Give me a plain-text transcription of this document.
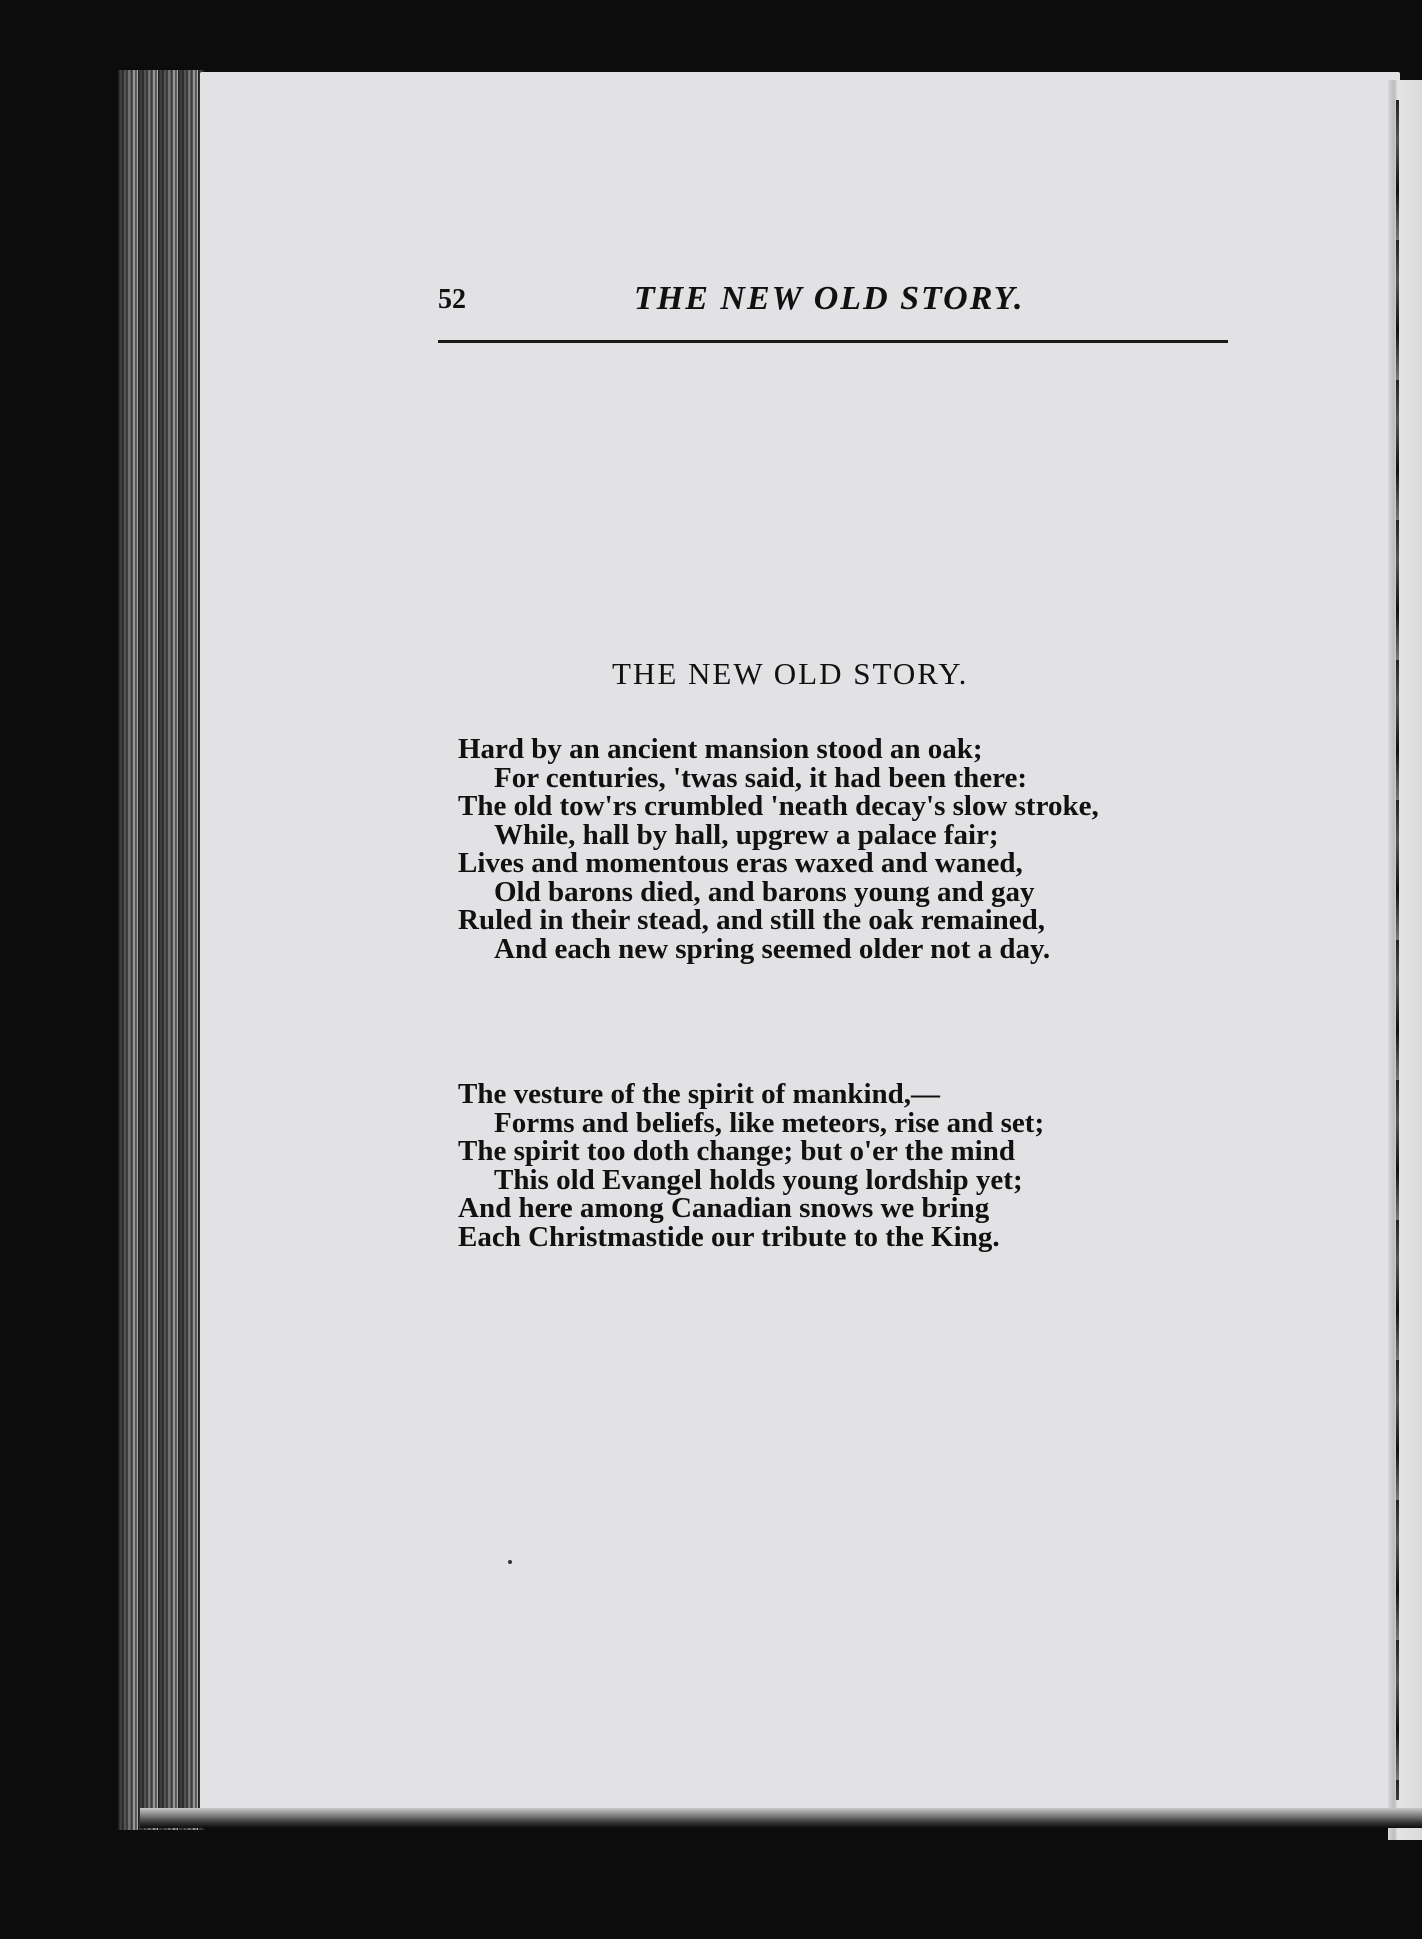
52	THE NEW OLD STORY.
THE NEW OLD STORY.
Hard by an ancient mansion stood an oak;
For centuries, 'twas said, it had been there:
The old tow'rs crumbled 'neath decay's slow stroke,
While, hall by hall, upgrew a palace fair;
Lives and momentous eras waxed and waned,
Old barons died, and barons young and gay
Ruled in their stead, and still the oak remained,
And each new spring seemed older not a day.
The vesture of the spirit of mankind,—
Forms and beliefs, like meteors, rise and set;
The spirit too doth change; but o'er the mind
This old Evangel holds young lordship yet;
And here among Canadian snows we bring
Each Christmastide our tribute to the King.
